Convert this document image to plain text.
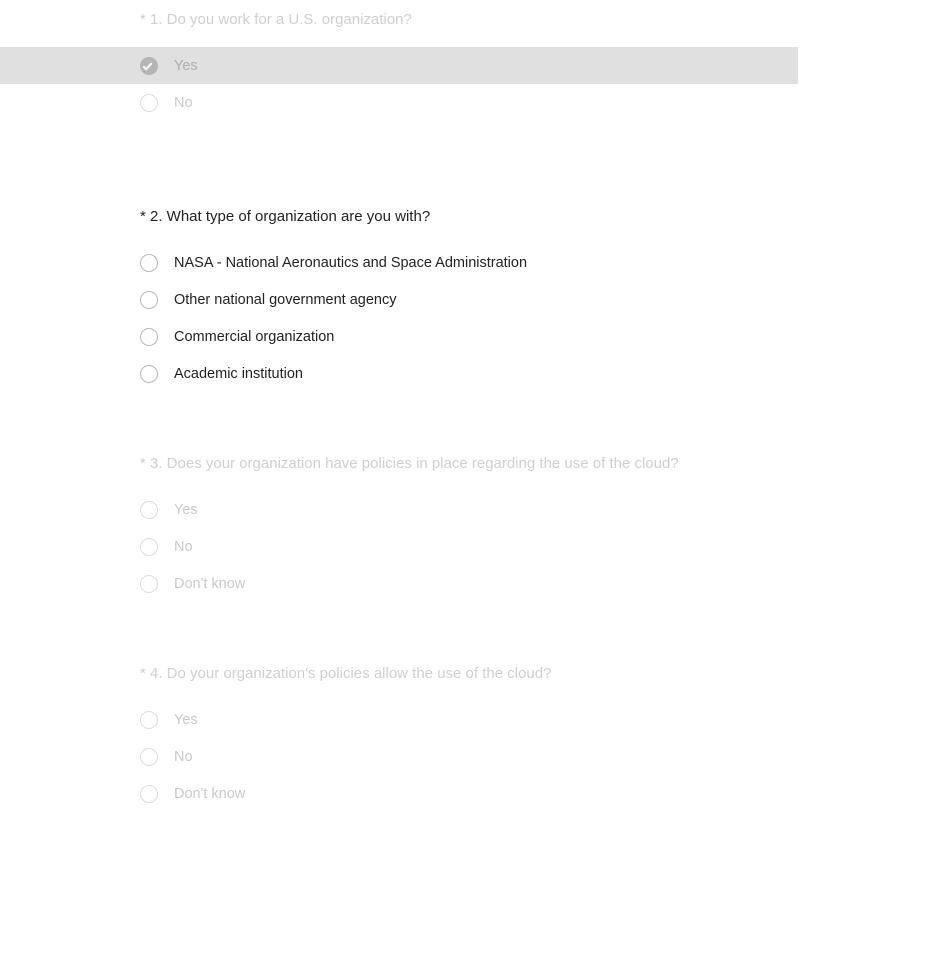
* 1. Do you work for a U.S. organization?
Yes
No
* 2. What type of organization are you with?
NASA - National Aeronautics and Space Administration
Other national government agency
Commercial organization
Academic institution
* 3. Does your organization have policies in place regarding the use of the cloud?
Yes
No
Don't know
* 4. Do your organization's policies allow the use of the cloud?
Yes
No
Don't know
